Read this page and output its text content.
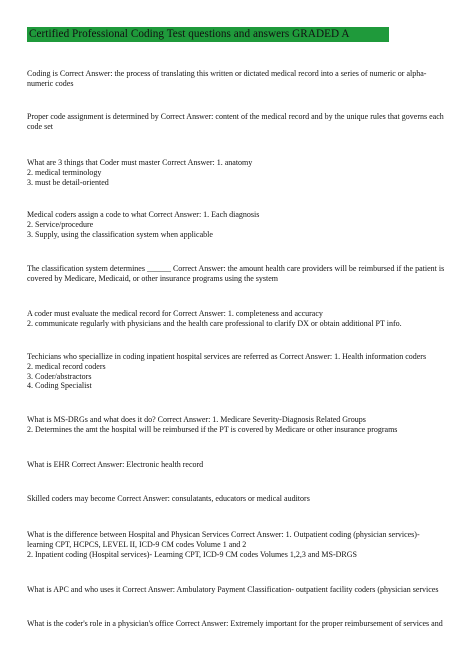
Certified Professional Coding Test questions and answers GRADED A
Coding is Correct Answer: the process of translating this written or dictated medical record into a series of numeric or alpha-
numeric codes
Proper code assignment is determined by Correct Answer: content of the medical record and by the unique rules that governs each
code set
What are 3 things that Coder must master Correct Answer: 1. anatomy
2. medical terminology
3. must be detail-oriented
Medical coders assign a code to what Correct Answer: 1. Each diagnosis
2. Service/procedure
3. Supply, using the classification system when applicable
The classification system determines ______ Correct Answer: the amount health care providers will be reimbursed if the patient is
covered by Medicare, Medicaid, or other insurance programs using the system
A coder must evaluate the medical record for Correct Answer: 1. completeness and accuracy
2. communicate regularly with physicians and the health care professional to clarify DX or obtain additional PT info.
Techicians who speciallize in coding inpatient hospital services are referred as Correct Answer: 1. Health information coders
2. medical record coders
3. Coder/abstractors
4. Coding Specialist
What is MS-DRGs and what does it do? Correct Answer: 1. Medicare Severity-Diagnosis Related Groups
2. Determines the amt the hospital will be reimbursed if the PT is covered by Medicare or other insurance programs
What is EHR Correct Answer: Electronic health record
Skilled coders may become Correct Answer: consulatants, educators or medical auditors
What is the difference between Hospital and Physican Services Correct Answer: 1. Outpatient coding (physician services)-
learning CPT, HCPCS, LEVEL II, ICD-9 CM codes Volume 1 and 2
2. Inpatient coding (Hospital services)- Learning CPT, ICD-9 CM codes Volumes 1,2,3 and MS-DRGS
What is APC and who uses it Correct Answer: Ambulatory Payment Classification- outpatient facility coders (physician services
What is the coder's role in a physician's office Correct Answer: Extremely important for the proper reimbursement of services and
